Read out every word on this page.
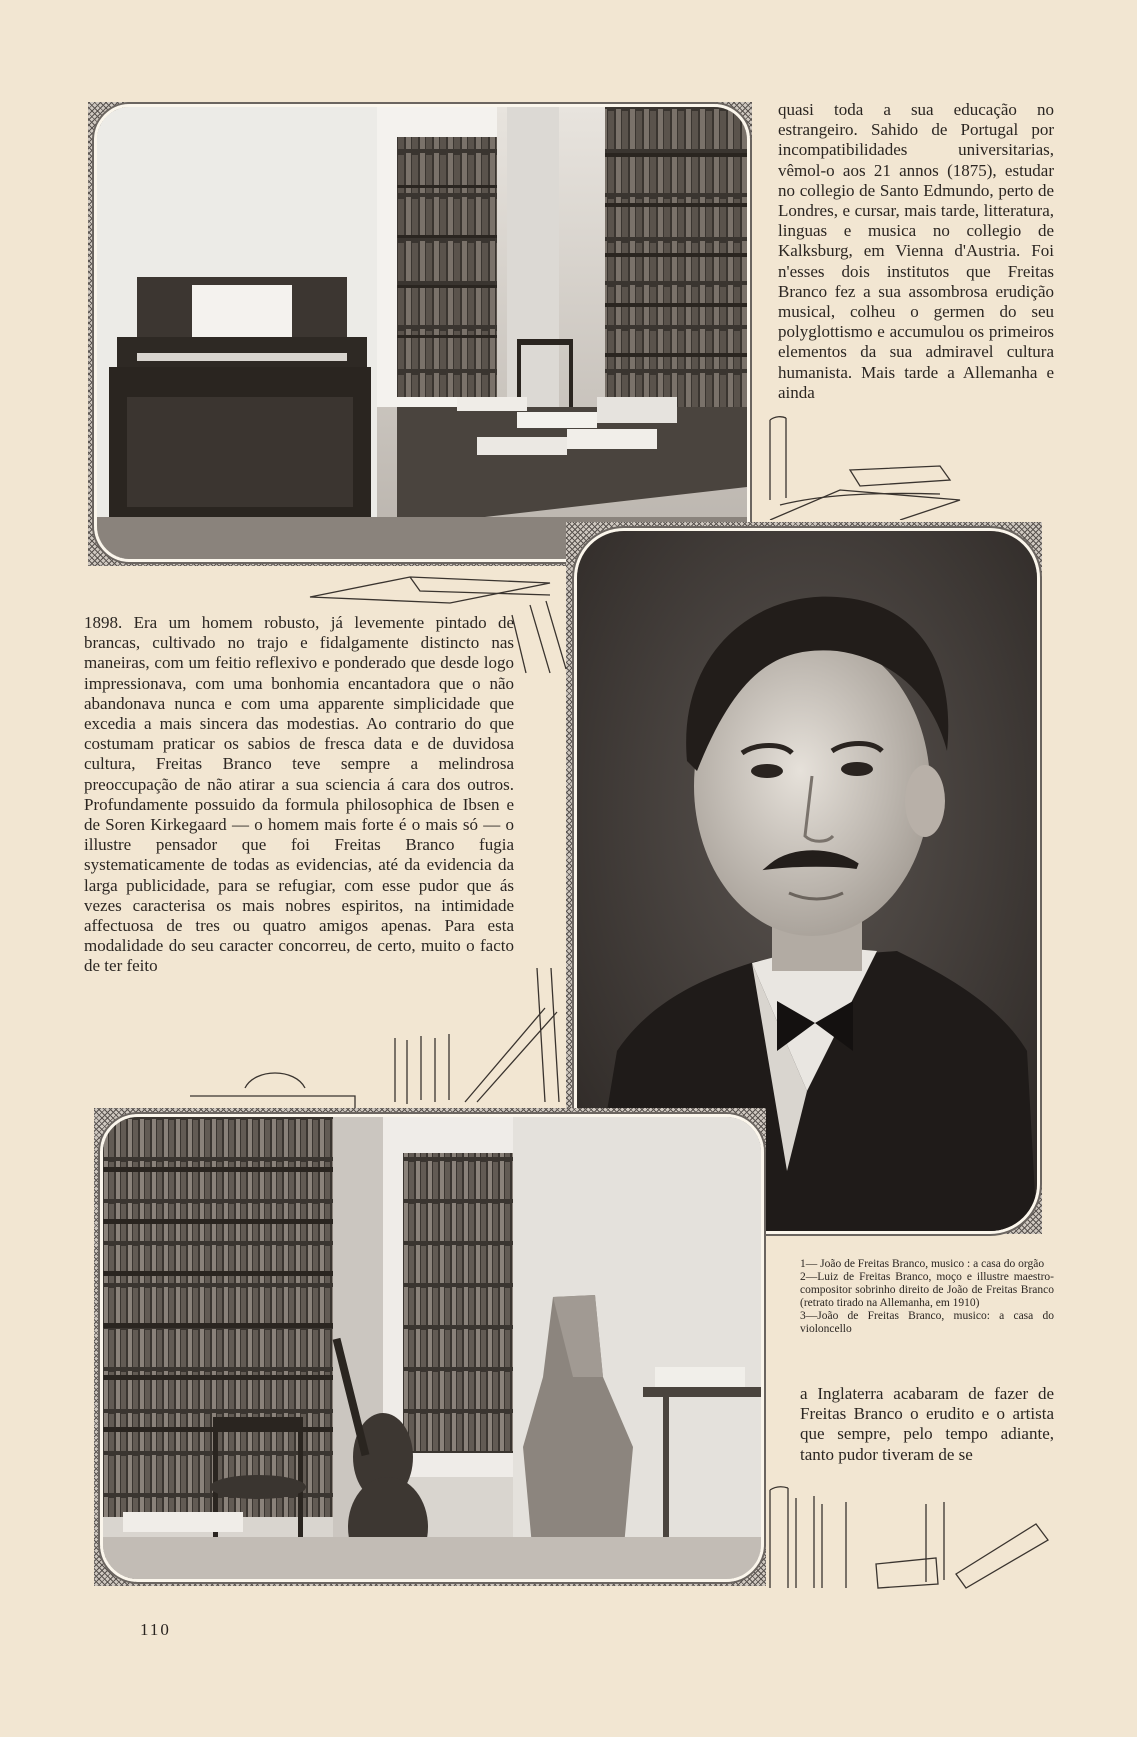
quasi toda a sua educação no estrangeiro. Sahido de Portugal por incompatibilidades universitarias, vêmol-o aos 21 annos (1875), estudar no collegio de Santo Edmundo, perto de Londres, e cursar, mais tarde, litteratura, linguas e musica no collegio de Kalksburg, em Vienna d'Austria. Foi n'esses dois institutos que Freitas Branco fez a sua assombrosa erudição musical, colheu o germen do seu polyglottismo e accumulou os primeiros elementos da sua admiravel cultura humanista. Mais tarde a Allemanha e ainda

1898. Era um homem robusto, já levemente pintado de brancas, cultivado no trajo e fidalgamente distincto nas maneiras, com um feitio reflexivo e ponderado que desde logo impressionava, com uma bonhomia encantadora que o não abandonava nunca e com uma apparente simplicidade que excedia a mais sincera das modestias. Ao contrario do que costumam praticar os sabios de fresca data e de duvidosa cultura, Freitas Branco teve sempre a melindrosa preoccupação de não atirar a sua sciencia á cara dos outros. Profundamente possuido da formula philosophica de Ibsen e de Soren Kirkegaard — o homem mais forte é o mais só — o illustre pensador que foi Freitas Branco fugia systematicamente de todas as evidencias, até da evidencia da larga publicidade, para se refugiar, com esse pudor que ás vezes caracterisa os mais nobres espiritos, na intimidade affectuosa de tres ou quatro amigos apenas. Para esta modalidade do seu caracter concorreu, de certo, muito o facto de ter feito

1— João de Freitas Branco, musico : a casa do orgão

2—Luiz de Freitas Branco, moço e illustre maestro-compositor sobrinho direito de João de Freitas Branco (retrato tirado na Allemanha, em 1910)

3—João de Freitas Branco, musico: a casa do violoncello

a Inglaterra acabaram de fazer de Freitas Branco o erudito e o artista que sempre, pelo tempo adiante, tanto pudor tiveram de se

110
